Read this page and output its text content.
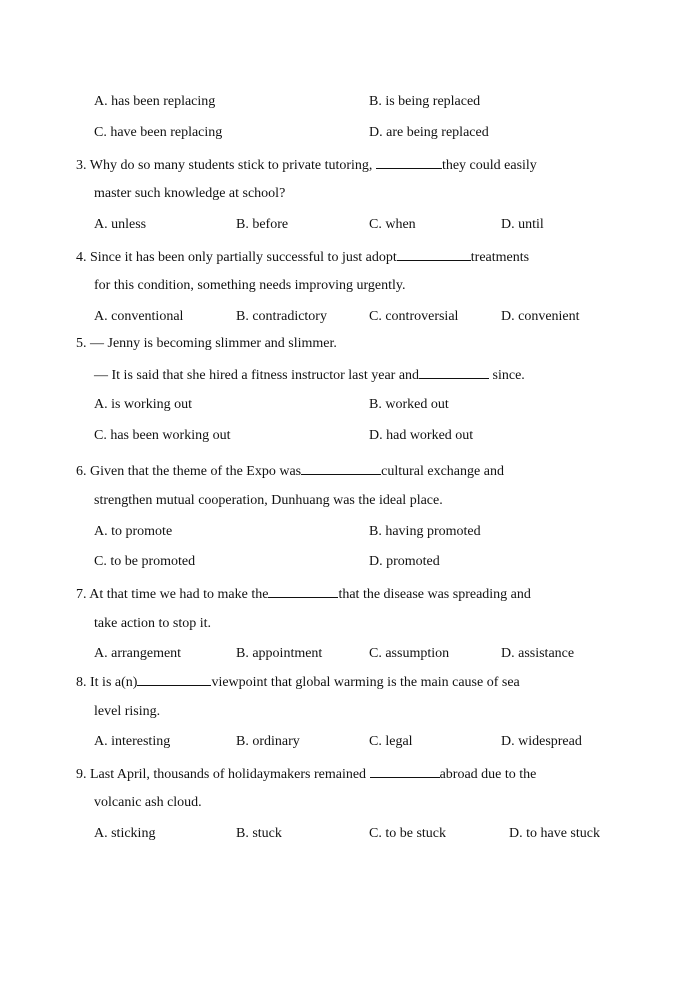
A. has been replacing	B. is being replaced
C. have been replacing	D. are being replaced
3. Why do so many students stick to private tutoring,	they could easily
master such knowledge at school?
A. unless	B. before	C. when	D. until
4. Since it has been only partially successful to just adopt	treatments
for this condition, something needs improving urgently.
A. conventional	B. contradictory	C. controversial	D. convenient
5. — Jenny is becoming slimmer and slimmer.
— It is said that she hired a fitness instructor last year and	since.
A. is working out	B. worked out
C. has been working out	D. had worked out
6. Given that the theme of the Expo was	cultural exchange and
strengthen mutual cooperation, Dunhuang was the ideal place.
A. to promote	B. having promoted
C. to be promoted	D. promoted
7. At that time we had to make the	that the disease was spreading and
take action to stop it.
A. arrangement	B. appointment	C. assumption	D. assistance
8. It is a(n)	viewpoint that global warming is the main cause of sea
level rising.
A. interesting	B. ordinary	C. legal	D. widespread
9. Last April, thousands of holidaymakers remained	abroad due to the
volcanic ash cloud.
A. sticking	B. stuck	C. to be stuck	D. to have stuck
